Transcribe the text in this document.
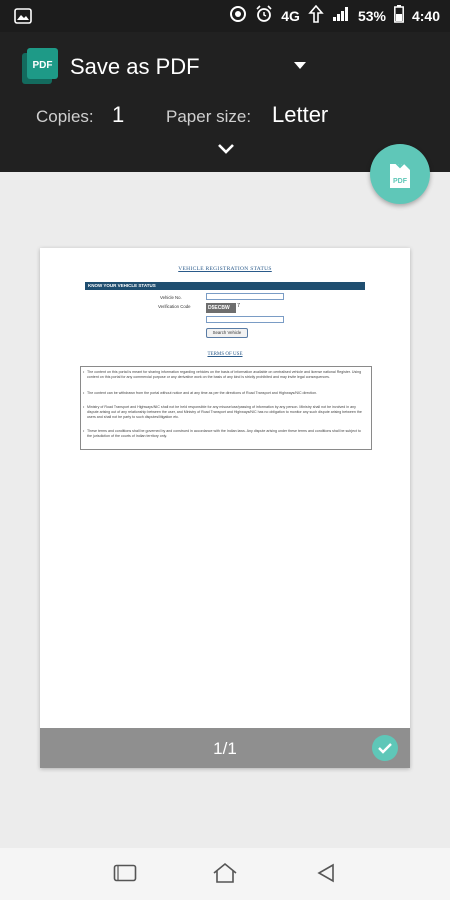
4G	53% 4:40
PDF Save as PDF
Copies: 1 Paper size: Letter
PDF
VEHICLE REGISTRATION STATUS
KNOW YOUR VEHICLE STATUS
Vehicle No.
Verification Code	D5ECBW 7
Search Vehicle
TERMS OF USE
• The content on this portal is meant for sharing information regarding vehicles on the basis of information available on centralised vehicle and license national Register. Using content on this portal for any commercial purpose or any derivative work on the basis of any kind is strictly prohibited and may invite legal consequences.
• The content can be withdrawn from the portal without notice and at any time as per the directions of Road Transport and Highways/NIC direction.
• Ministry of Road Transport and Highways/NIC shall not be held responsible for any misuse/use/passing of information by any person. Ministry shall not be involved in any dispute arising out of any relationship between the user, and Ministry of Road Transport and Highways/NIC has no obligation to monitor any such dispute arising between the users and shall not be party to such disputes/litigation etc.
• These terms and conditions shall be governed by and construed in accordance with the Indian laws. Any dispute arising under these terms and conditions shall be subject to the jurisdiction of the courts of Indian territory only.
1/1
